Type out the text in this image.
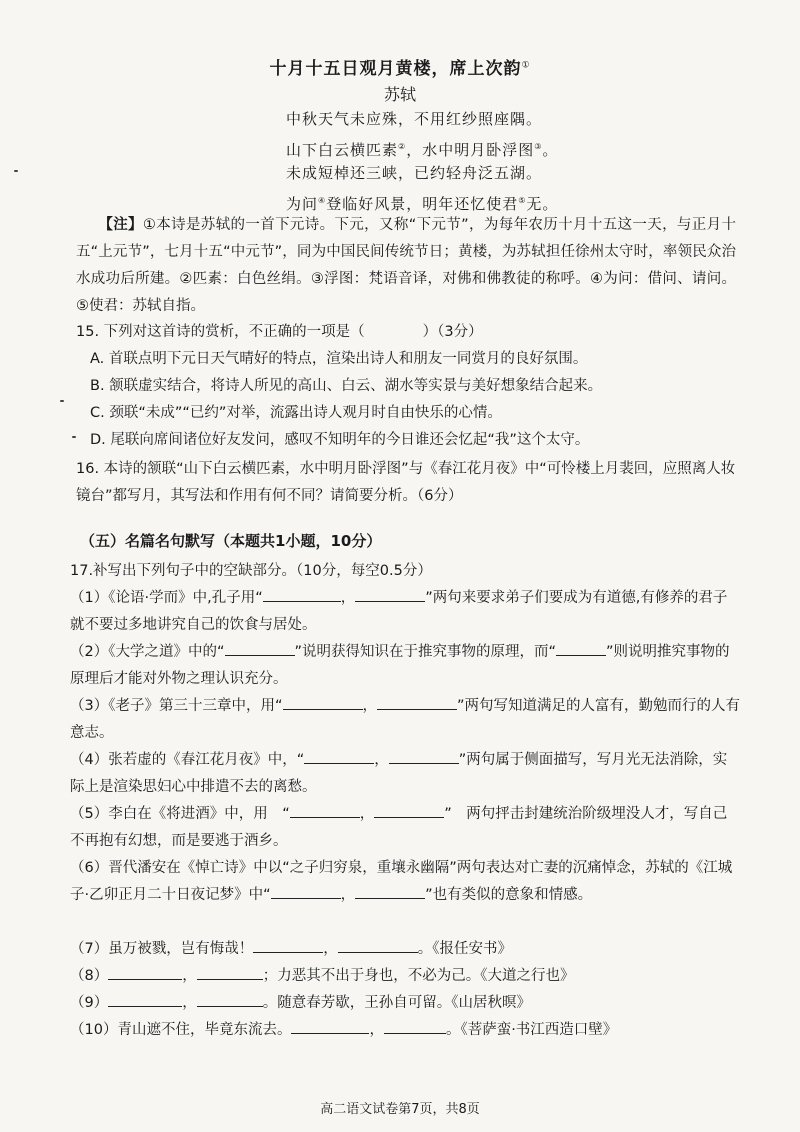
十月十五日观月黄楼，席上次韵①
苏轼
中秋天气未应殊，不用红纱照座隅。
山下白云横匹素②，水中明月卧浮图③。
未成短棹还三峡，已约轻舟泛五湖。
为问④登临好风景，明年还忆使君⑤无。
【注】①本诗是苏轼的一首下元诗。下元，又称“下元节”，为每年农历十月十五这一天，与正月十五“上元节”，七月十五“中元节”，同为中国民间传统节日；黄楼，为苏轼担任徐州太守时，率领民众治水成功后所建。②匹素：白色丝绢。③浮图：梵语音译，对佛和佛教徒的称呼。④为问：借问、请问。⑤使君：苏轼自指。
15. 下列对这首诗的赏析，不正确的一项是（　　　　）（3分）
A. 首联点明下元日天气晴好的特点，渲染出诗人和朋友一同赏月的良好氛围。
B. 颔联虚实结合，将诗人所见的高山、白云、湖水等实景与美好想象结合起来。
C. 颈联“未成”“已约”对举，流露出诗人观月时自由快乐的心情。
D. 尾联向席间诸位好友发问，感叹不知明年的今日谁还会忆起“我”这个太守。
16. 本诗的颔联“山下白云横匹素，水中明月卧浮图”与《春江花月夜》中“可怜楼上月裴回，应照离人妆镜台”都写月，其写法和作用有何不同？请简要分析。（6分）
（五）名篇名句默写（本题共1小题，10分）
17.补写出下列句子中的空缺部分。（10分，每空0.5分）
（1）《论语·学而》中,孔子用“	，	”两句来要求弟子们要成为有道德,有修养的君子就不要过多地讲究自己的饮食与居处。
（2）《大学之道》中的“	”说明获得知识在于推究事物的原理，而“	”则说明推究事物的原理后才能对外物之理认识充分。
（3）《老子》第三十三章中，用“	，	”两句写知道满足的人富有，勤勉而行的人有意志。
（4）张若虚的《春江花月夜》中，“	，	”两句属于侧面描写，写月光无法消除，实际上是渲染思妇心中排遣不去的离愁。
（5）李白在《将进酒》中，用　“	，	”　两句抨击封建统治阶级埋没人才，写自己不再抱有幻想，而是要逃于酒乡。
（6）晋代潘安在《悼亡诗》中以“之子归穷泉，重壤永幽隔”两句表达对亡妻的沉痛悼念，苏轼的《江城子·乙卯正月二十日夜记梦》中“	，	”也有类似的意象和情感。
（7）虽万被戮，岂有悔哉！	，	。《报任安书》
（8）	，	；力恶其不出于身也，不必为己。《大道之行也》
（9）	，	。随意春芳歇，王孙自可留。《山居秋暝》
（10）青山遮不住，毕竟东流去。	，	。《菩萨蛮·书江西造口壁》
高二语文试卷第7页，共8页
